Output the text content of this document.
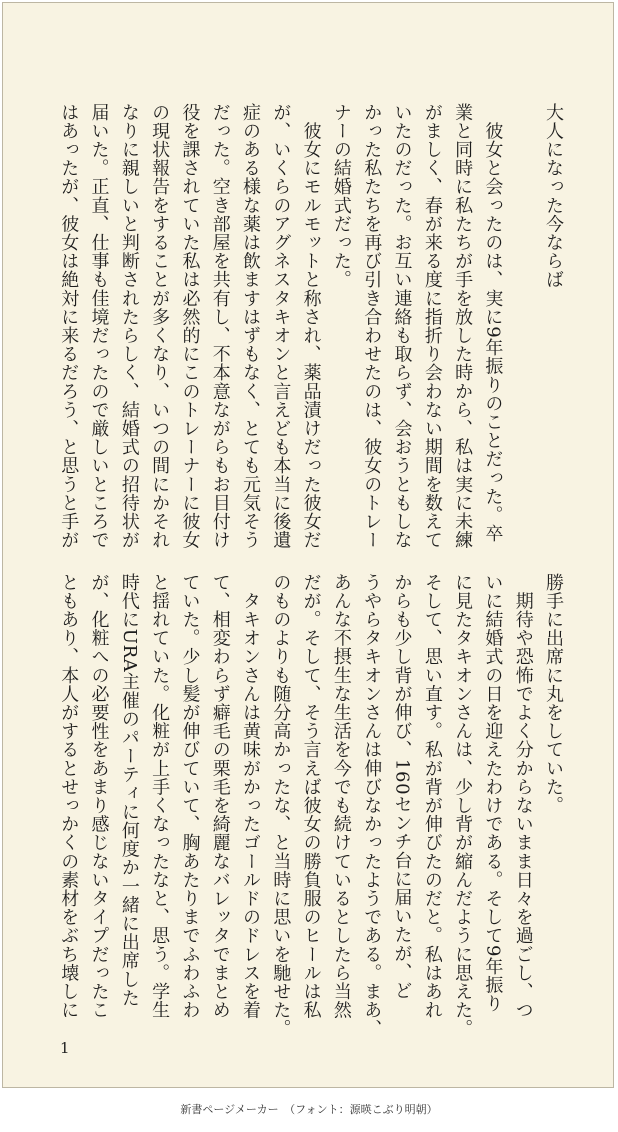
大人になった今ならば

　彼女と会ったのは、実に9年振りのことだった。卒
業と同時に私たちが手を放した時から、私は実に未練
がましく、春が来る度に指折り会わない期間を数えて
いたのだった。お互い連絡も取らず、会おうともしな
かった私たちを再び引き合わせたのは、彼女のトレー
ナーの結婚式だった。
　彼女にモルモットと称され、薬品漬けだった彼女だ
が、いくらのアグネスタキオンと言えども本当に後遺
症のある様な薬は飲ますはずもなく、とても元気そう
だった。空き部屋を共有し、不本意ながらもお目付け
役を課されていた私は必然的にこのトレーナーに彼女
の現状報告をすることが多くなり、いつの間にかそれ
なりに親しいと判断されたらしく、結婚式の招待状が
届いた。正直、仕事も佳境だったので厳しいところで
はあったが、彼女は絶対に来るだろう、と思うと手が
勝手に出席に丸をしていた。
　期待や恐怖でよく分からないまま日々を過ごし、つ
いに結婚式の日を迎えたわけである。そして9年振り
に見たタキオンさんは、少し背が縮んだように思えた。
そして、思い直す。私が背が伸びたのだと。私はあれ
からも少し背が伸び、160センチ台に届いたが、ど
うやらタキオンさんは伸びなかったようである。まあ、
あんな不摂生な生活を今でも続けているとしたら当然
だが。そして、そう言えば彼女の勝負服のヒールは私
のものよりも随分高かったな、と当時に思いを馳せた。
　タキオンさんは黄味がかったゴールドのドレスを着
て、相変わらず癖毛の栗毛を綺麗なバレッタでまとめ
ていた。少し髪が伸びていて、胸あたりまでふわふわ
と揺れていた。化粧が上手くなったなと、思う。学生
時代にURA主催のパーティに何度か一緒に出席した
が、化粧への必要性をあまり感じないタイプだったこ
ともあり、本人がするとせっかくの素材をぶち壊しに
1
新書ページメーカー　（フォント：源暎こぶり明朝）
